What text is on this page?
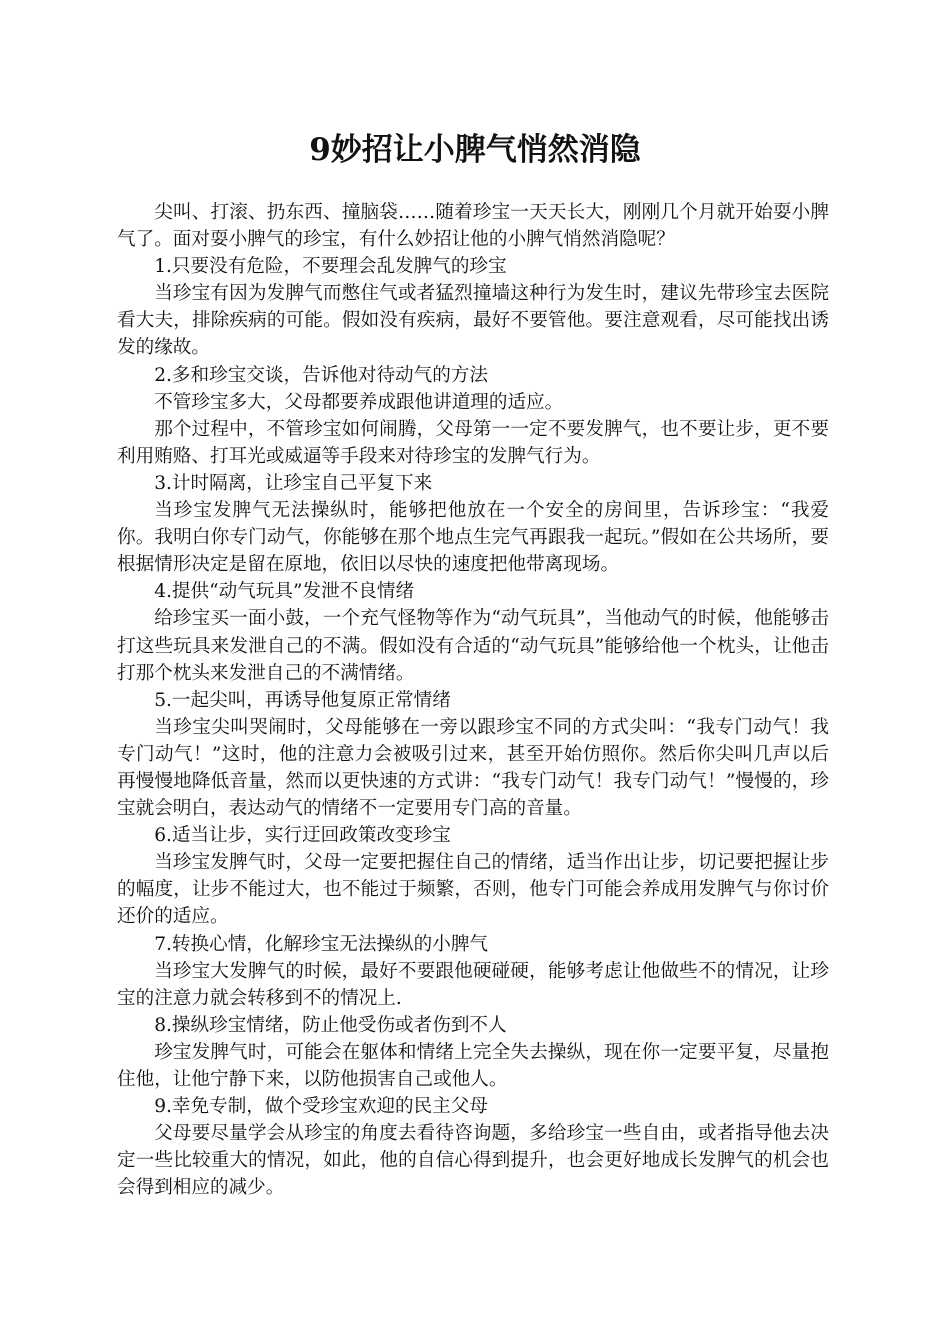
9妙招让小脾气悄然消隐

尖叫、打滚、扔东西、撞脑袋……随着珍宝一天天长大，刚刚几个月就开始耍小脾气了。面对耍小脾气的珍宝，有什么妙招让他的小脾气悄然消隐呢？

1.只要没有危险，不要理会乱发脾气的珍宝

当珍宝有因为发脾气而憋住气或者猛烈撞墙这种行为发生时，建议先带珍宝去医院看大夫，排除疾病的可能。假如没有疾病，最好不要管他。要注意观看，尽可能找出诱发的缘故。

2.多和珍宝交谈，告诉他对待动气的方法

不管珍宝多大，父母都要养成跟他讲道理的适应。

那个过程中，不管珍宝如何闹腾，父母第一一定不要发脾气，也不要让步，更不要利用贿赂、打耳光或威逼等手段来对待珍宝的发脾气行为。

3.计时隔离，让珍宝自己平复下来

当珍宝发脾气无法操纵时，能够把他放在一个安全的房间里，告诉珍宝：“我爱你。我明白你专门动气，你能够在那个地点生完气再跟我一起玩。”假如在公共场所，要根据情形决定是留在原地，依旧以尽快的速度把他带离现场。

4.提供“动气玩具”发泄不良情绪

给珍宝买一面小鼓，一个充气怪物等作为“动气玩具”，当他动气的时候，他能够击打这些玩具来发泄自己的不满。假如没有合适的“动气玩具”能够给他一个枕头，让他击打那个枕头来发泄自己的不满情绪。

5.一起尖叫，再诱导他复原正常情绪

当珍宝尖叫哭闹时，父母能够在一旁以跟珍宝不同的方式尖叫：“我专门动气！我专门动气！”这时，他的注意力会被吸引过来，甚至开始仿照你。然后你尖叫几声以后再慢慢地降低音量，然而以更快速的方式讲：“我专门动气！我专门动气！”慢慢的，珍宝就会明白，表达动气的情绪不一定要用专门高的音量。

6.适当让步，实行迂回政策改变珍宝

当珍宝发脾气时，父母一定要把握住自己的情绪，适当作出让步，切记要把握让步的幅度，让步不能过大，也不能过于频繁，否则，他专门可能会养成用发脾气与你讨价还价的适应。

7.转换心情，化解珍宝无法操纵的小脾气

当珍宝大发脾气的时候，最好不要跟他硬碰硬，能够考虑让他做些不的情况，让珍宝的注意力就会转移到不的情况上.

8.操纵珍宝情绪，防止他受伤或者伤到不人

珍宝发脾气时，可能会在躯体和情绪上完全失去操纵，现在你一定要平复，尽量抱住他，让他宁静下来，以防他损害自己或他人。

9.幸免专制，做个受珍宝欢迎的民主父母

父母要尽量学会从珍宝的角度去看待咨询题，多给珍宝一些自由，或者指导他去决定一些比较重大的情况，如此，他的自信心得到提升，也会更好地成长发脾气的机会也会得到相应的减少。
